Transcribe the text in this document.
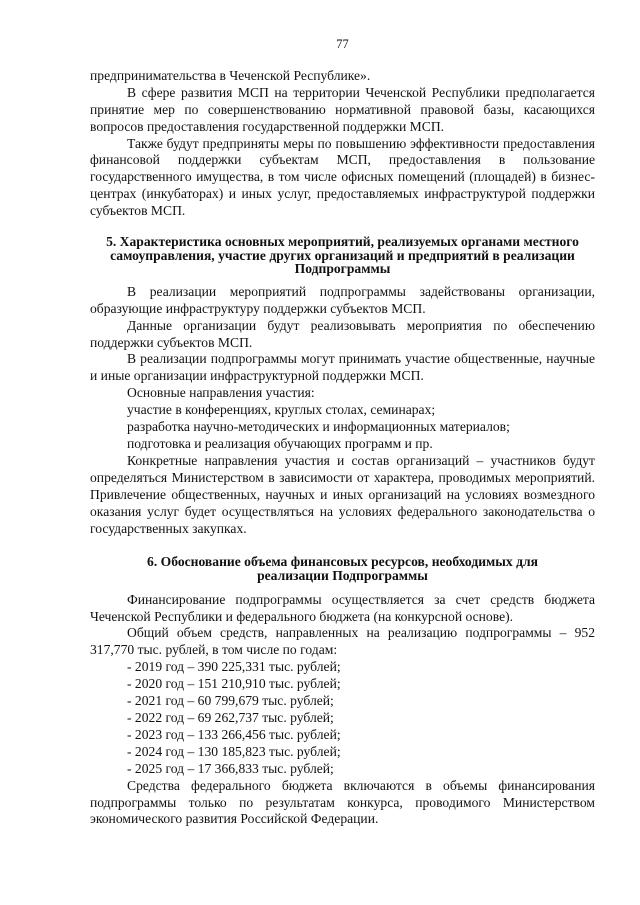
77

предпринимательства в Чеченской Республике».

В сфере развития МСП на территории Чеченской Республики предполагается принятие мер по совершенствованию нормативной правовой базы, касающихся вопросов предоставления государственной поддержки МСП.

Также будут предприняты меры по повышению эффективности предоставления финансовой поддержки субъектам МСП, предоставления в пользование государственного имущества, в том числе офисных помещений (площадей) в бизнес-центрах (инкубаторах) и иных услуг, предоставляемых инфраструктурой поддержки субъектов МСП.

5. Характеристика основных мероприятий, реализуемых органами местного
самоуправления, участие других организаций и предприятий в реализации
Подпрограммы

В реализации мероприятий подпрограммы задействованы организации, образующие инфраструктуру поддержки субъектов МСП.

Данные организации будут реализовывать мероприятия по обеспечению поддержки субъектов МСП.

В реализации подпрограммы могут принимать участие общественные, научные и иные организации инфраструктурной поддержки МСП.

Основные направления участия:

участие в конференциях, круглых столах, семинарах;

разработка научно-методических и информационных материалов;

подготовка и реализация обучающих программ и пр.

Конкретные направления участия и состав организаций – участников будут определяться Министерством в зависимости от характера, проводимых мероприятий. Привлечение общественных, научных и иных организаций на условиях возмездного оказания услуг будет осуществляться на условиях федерального законодательства о государственных закупках.

6. Обоснование объема финансовых ресурсов, необходимых для
реализации Подпрограммы

Финансирование подпрограммы осуществляется за счет средств бюджета Чеченской Республики и федерального бюджета (на конкурсной основе).

Общий объем средств, направленных на реализацию подпрограммы – 952 317,770 тыс. рублей, в том числе по годам:

- 2019 год – 390 225,331 тыс. рублей;

- 2020 год – 151 210,910 тыс. рублей;

- 2021 год – 60 799,679 тыс. рублей;

- 2022 год – 69 262,737 тыс. рублей;

- 2023 год – 133 266,456 тыс. рублей;

- 2024 год – 130 185,823 тыс. рублей;

- 2025 год – 17 366,833 тыс. рублей;

Средства федерального бюджета включаются в объемы финансирования подпрограммы только по результатам конкурса, проводимого Министерством экономического развития Российской Федерации.
